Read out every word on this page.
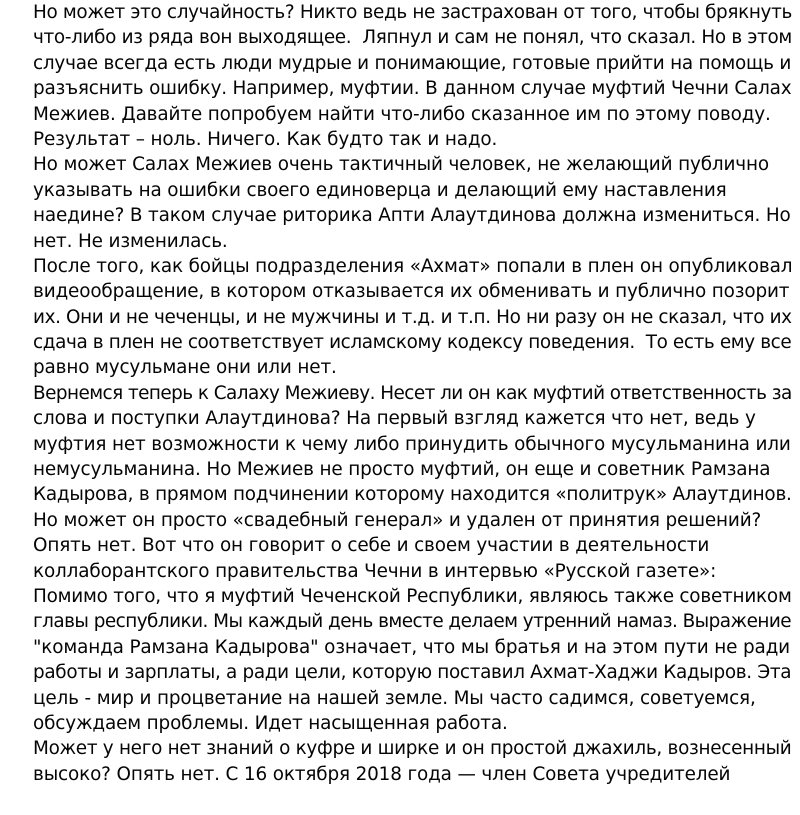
Но может это случайность? Никто ведь не застрахован от того, чтобы брякнуть
что-либо из ряда вон выходящее.  Ляпнул и сам не понял, что сказал. Но в этом
случае всегда есть люди мудрые и понимающие, готовые прийти на помощь и
разъяснить ошибку. Например, муфтии. В данном случае муфтий Чечни Салах
Межиев. Давайте попробуем найти что-либо сказанное им по этому поводу.
Результат – ноль. Ничего. Как будто так и надо.
Но может Салах Межиев очень тактичный человек, не желающий публично
указывать на ошибки своего единоверца и делающий ему наставления
наедине? В таком случае риторика Апти Алаутдинова должна измениться. Но
нет. Не изменилась.
После того, как бойцы подразделения «Ахмат» попали в плен он опубликовал
видеообращение, в котором отказывается их обменивать и публично позорит
их. Они и не чеченцы, и не мужчины и т.д. и т.п. Но ни разу он не сказал, что их
сдача в плен не соответствует исламскому кодексу поведения.  То есть ему все
равно мусульмане они или нет.
Вернемся теперь к Салаху Межиеву. Несет ли он как муфтий ответственность за
слова и поступки Алаутдинова? На первый взгляд кажется что нет, ведь у
муфтия нет возможности к чему либо принудить обычного мусульманина или
немусульманина. Но Межиев не просто муфтий, он еще и советник Рамзана
Кадырова, в прямом подчинении которому находится «политрук» Алаутдинов.
Но может он просто «свадебный генерал» и удален от принятия решений?
Опять нет. Вот что он говорит о себе и своем участии в деятельности
коллаборантского правительства Чечни в интервью «Русской газете»:
Помимо того, что я муфтий Чеченской Республики, являюсь также советником
главы республики. Мы каждый день вместе делаем утренний намаз. Выражение
"команда Рамзана Кадырова" означает, что мы братья и на этом пути не ради
работы и зарплаты, а ради цели, которую поставил Ахмат-Хаджи Кадыров. Эта
цель - мир и процветание на нашей земле. Мы часто садимся, советуемся,
обсуждаем проблемы. Идет насыщенная работа.
Может у него нет знаний о куфре и ширке и он простой джахиль, вознесенный
высоко? Опять нет. С 16 октября 2018 года — член Совета учредителей
